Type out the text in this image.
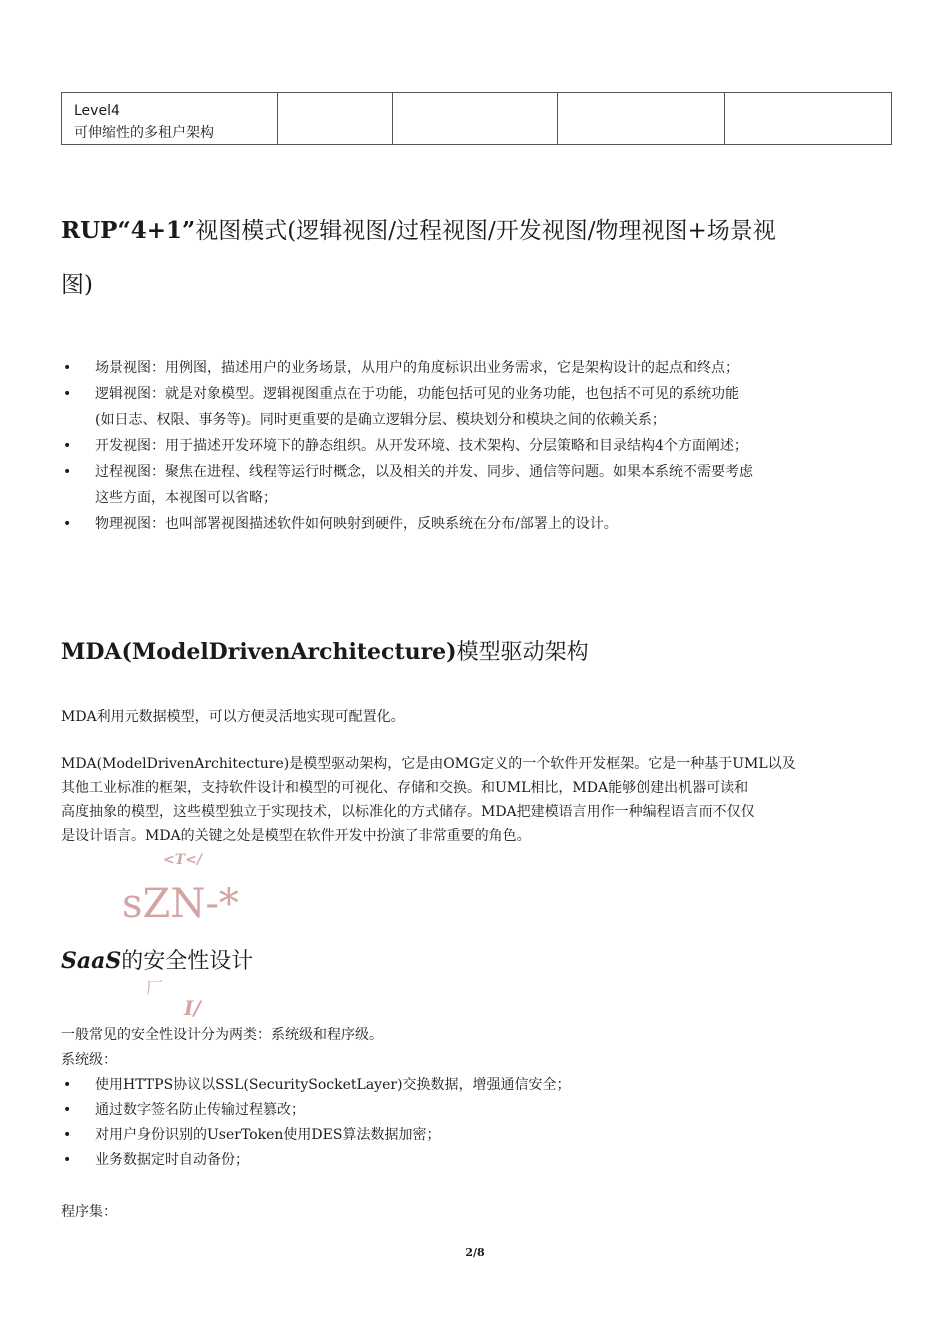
Level4
可伸缩性的多租户架构

RUP“4+1”视图模式(逻辑视图/过程视图/开发视图/物理视图+场景视
图)
• 场景视图：用例图，描述用户的业务场景，从用户的角度标识出业务需求，它是架构设计的起点和终点；
• 逻辑视图：就是对象模型。逻辑视图重点在于功能，功能包括可见的业务功能，也包括不可见的系统功能
(如日志、权限、事务等)。同时更重要的是确立逻辑分层、模块划分和模块之间的依赖关系；
• 开发视图：用于描述开发环境下的静态组织。从开发环境、技术架构、分层策略和目录结构4个方面阐述；
• 过程视图：聚焦在进程、线程等运行时概念，以及相关的并发、同步、通信等问题。如果本系统不需要考虑
这些方面，本视图可以省略；
• 物理视图：也叫部署视图描述软件如何映射到硬件，反映系统在分布/部署上的设计。
MDA(ModelDrivenArchitecture)模型驱动架构
MDA利用元数据模型，可以方便灵活地实现可配置化。
MDA(ModelDrivenArchitecture)是模型驱动架构，它是由OMG定义的一个软件开发框架。它是一种基于UML以及
其他工业标准的框架，支持软件设计和模型的可视化、存储和交换。和UML相比，MDA能够创建出机器可读和
高度抽象的模型，这些模型独立于实现技术，以标准化的方式储存。MDA把建模语言用作一种编程语言而不仅仅
是设计语言。MDA的关键之处是模型在软件开发中扮演了非常重要的角色。
<T</
sZN-*
SaaS的安全性设计
厂
I/
一般常见的安全性设计分为两类：系统级和程序级。
系统级：
• 使用HTTPS协议以SSL(SecuritySocketLayer)交换数据，增强通信安全；
• 通过数字签名防止传输过程篡改；
• 对用户身份识别的UserToken使用DES算法数据加密；
• 业务数据定时自动备份；
程序集：
2/8
